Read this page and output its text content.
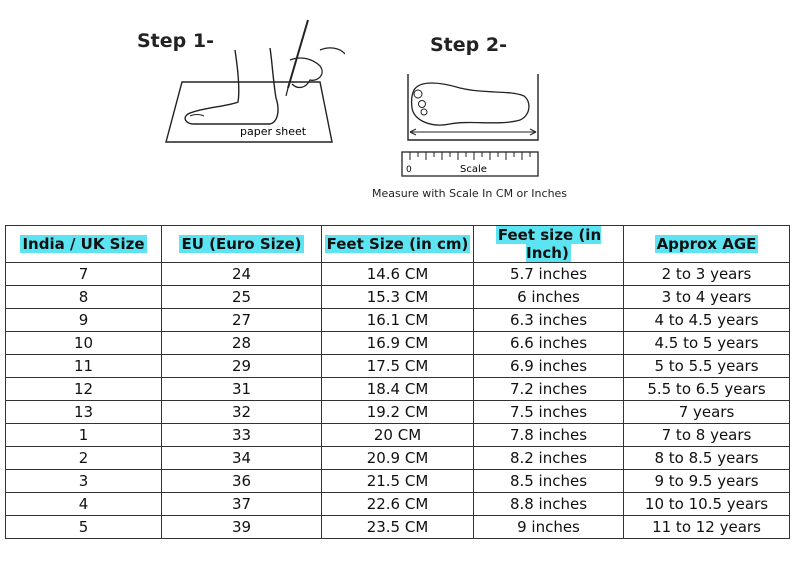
Step 1-
paper sheet
Step 2-
0	Scale
Measure with Scale In CM or Inches
India / UK Size	EU (Euro Size)	Feet Size (in cm)	Feet size (in Inch)	Approx AGE
7	24	14.6 CM	5.7 inches	2 to 3 years
8	25	15.3 CM	6 inches	3 to 4 years
9	27	16.1 CM	6.3 inches	4 to 4.5 years
10	28	16.9 CM	6.6 inches	4.5 to 5 years
11	29	17.5 CM	6.9 inches	5 to 5.5 years
12	31	18.4 CM	7.2 inches	5.5 to 6.5 years
13	32	19.2 CM	7.5 inches	7 years
1	33	20 CM	7.8 inches	7 to 8 years
2	34	20.9 CM	8.2 inches	8 to 8.5 years
3	36	21.5 CM	8.5 inches	9 to 9.5 years
4	37	22.6 CM	8.8 inches	10 to 10.5 years
5	39	23.5 CM	9 inches	11 to 12 years
